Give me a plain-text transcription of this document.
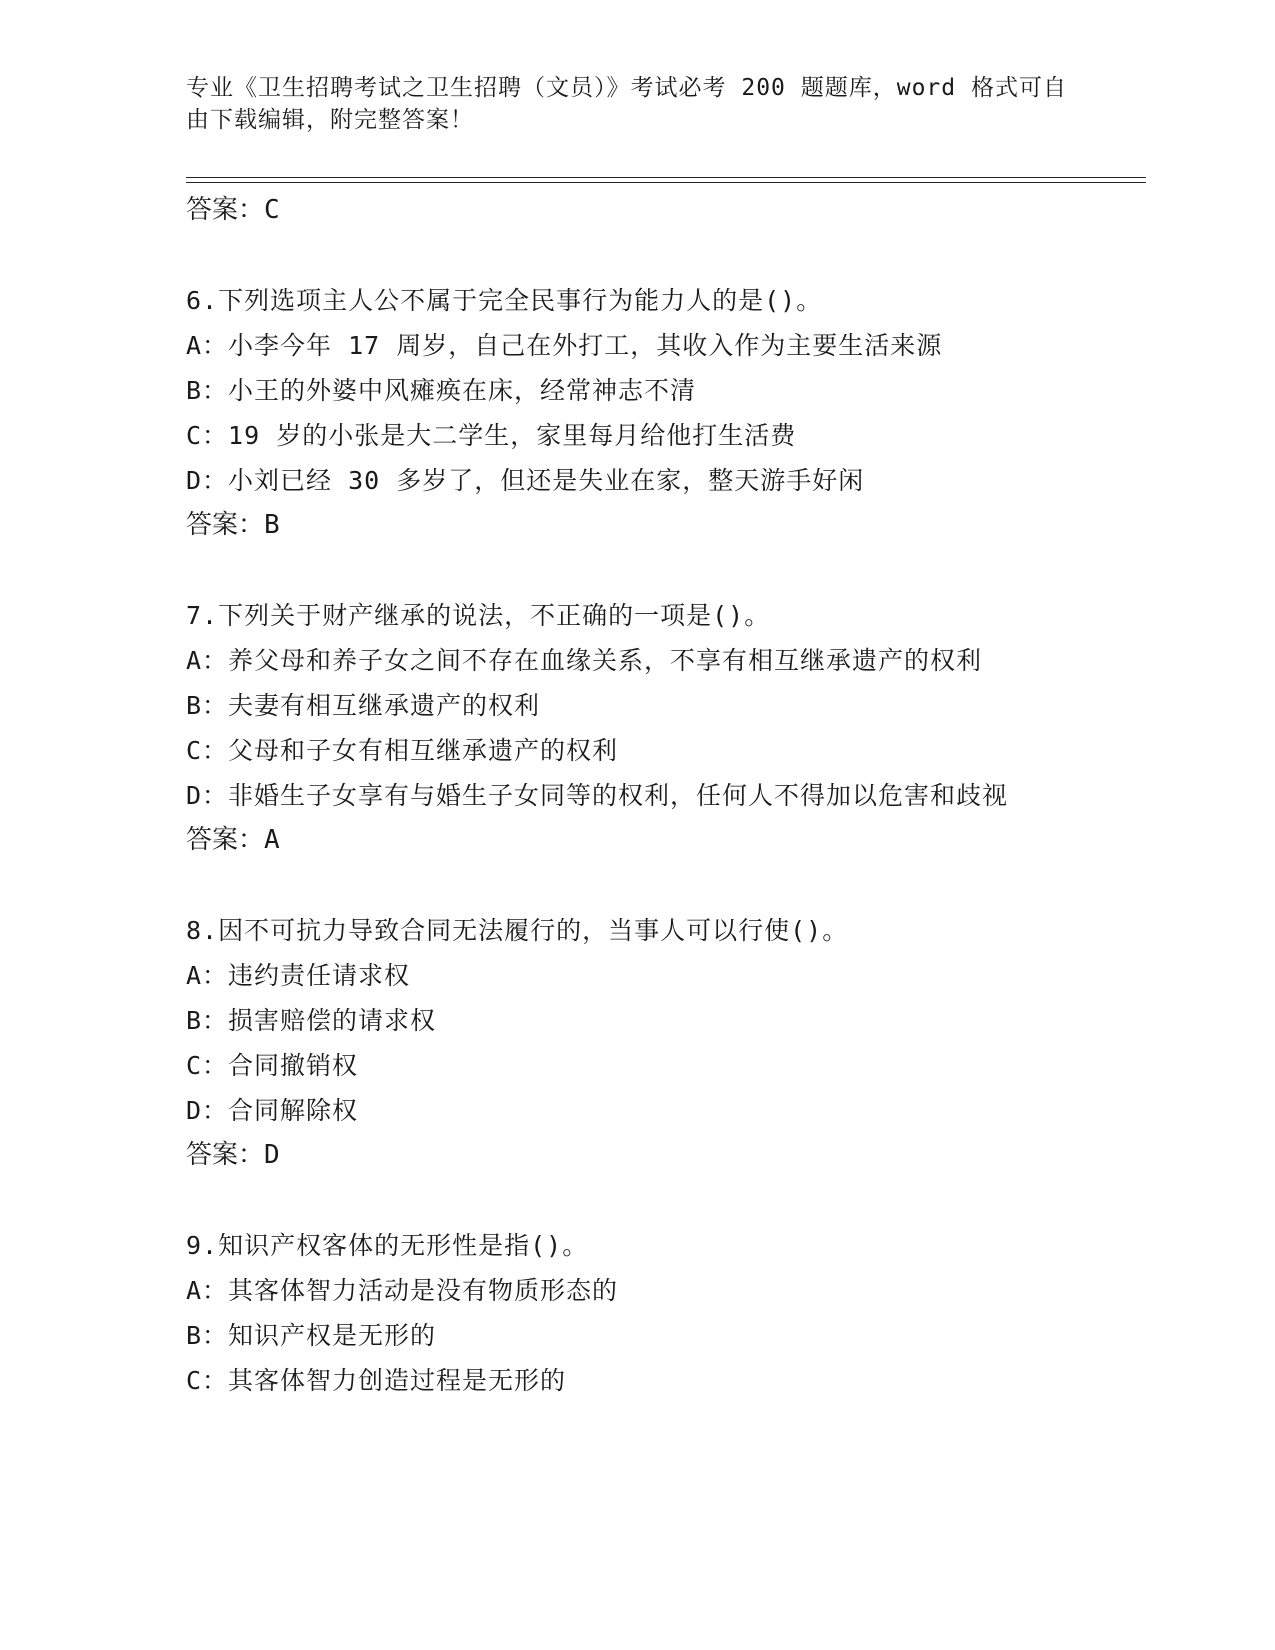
专业《卫生招聘考试之卫生招聘（文员）》考试必考 200 题题库，word 格式可自
由下载编辑，附完整答案！
答案：C
6.下列选项主人公不属于完全民事行为能力人的是()。
A：小李今年 17 周岁，自己在外打工，其收入作为主要生活来源
B：小王的外婆中风瘫痪在床，经常神志不清
C：19 岁的小张是大二学生，家里每月给他打生活费
D：小刘已经 30 多岁了，但还是失业在家，整天游手好闲
答案：B
7.下列关于财产继承的说法，不正确的一项是()。
A：养父母和养子女之间不存在血缘关系，不享有相互继承遗产的权利
B：夫妻有相互继承遗产的权利
C：父母和子女有相互继承遗产的权利
D：非婚生子女享有与婚生子女同等的权利，任何人不得加以危害和歧视
答案：A
8.因不可抗力导致合同无法履行的，当事人可以行使()。
A：违约责任请求权
B：损害赔偿的请求权
C：合同撤销权
D：合同解除权
答案：D
9.知识产权客体的无形性是指()。
A：其客体智力活动是没有物质形态的
B：知识产权是无形的
C：其客体智力创造过程是无形的
